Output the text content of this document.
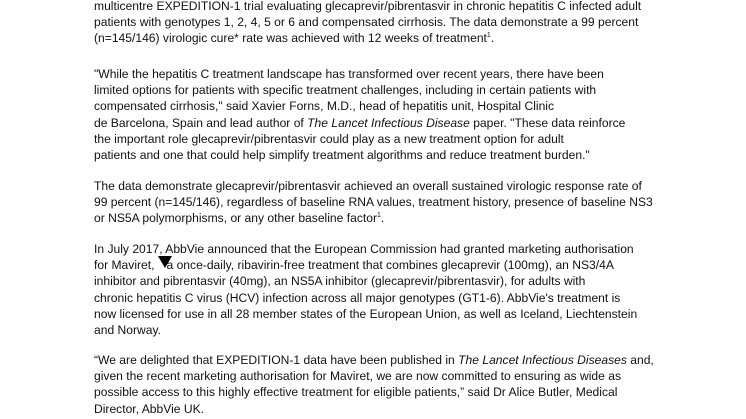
multicentre EXPEDITION-1 trial evaluating glecaprevir/pibrentasvir in chronic hepatitis C infected adult
patients with genotypes 1, 2, 4, 5 or 6 and compensated cirrhosis. The data demonstrate a 99 percent
(n=145/146) virologic cure* rate was achieved with 12 weeks of treatment$^1$.
"While the hepatitis C treatment landscape has transformed over recent years, there have been
limited options for patients with specific treatment challenges, including in certain patients with
compensated cirrhosis," said Xavier Forns, M.D., head of hepatitis unit, Hospital Clinic
de Barcelona, Spain and lead author of The Lancet Infectious Disease paper. "These data reinforce
the important role glecaprevir/pibrentasvir could play as a new treatment option for adult
patients and one that could help simplify treatment algorithms and reduce treatment burden."
The data demonstrate glecaprevir/pibrentasvir achieved an overall sustained virologic response rate of
99 percent (n=145/146), regardless of baseline RNA values, treatment history, presence of baseline NS3
or NS5A polymorphisms, or any other baseline factor$^1$.
In July 2017, AbbVie announced that the European Commission had granted marketing authorisation
for Maviret, a once-daily, ribavirin-free treatment that combines glecaprevir (100mg), an NS3/4A
inhibitor and pibrentasvir (40mg), an NS5A inhibitor (glecaprevir/pibrentasvir), for adults with
chronic hepatitis C virus (HCV) infection across all major genotypes (GT1-6). AbbVie's treatment is
now licensed for use in all 28 member states of the European Union, as well as Iceland, Liechtenstein
and Norway.
“We are delighted that EXPEDITION-1 data have been published in The Lancet Infectious Diseases and,
given the recent marketing authorisation for Maviret, we are now committed to ensuring as wide as
possible access to this highly effective treatment for eligible patients,” said Dr Alice Butler, Medical
Director, AbbVie UK.
